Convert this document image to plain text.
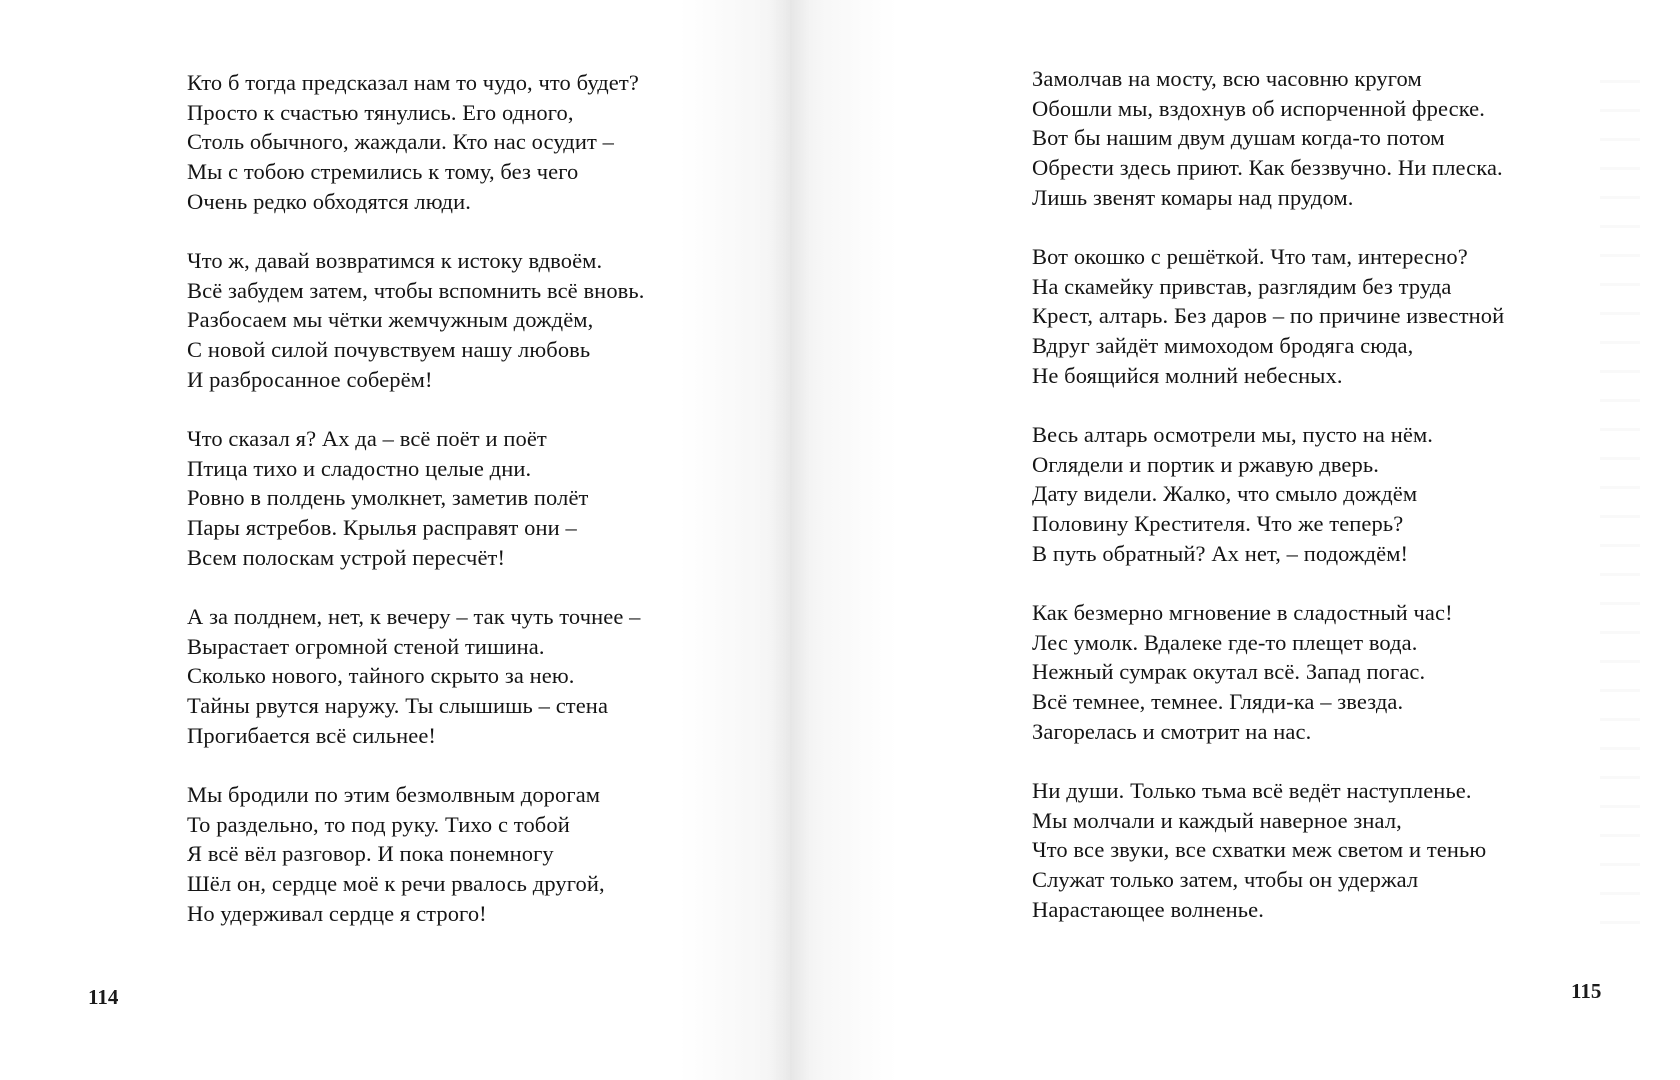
Кто б тогда предсказал нам то чудо, что будет?
Просто к счастью тянулись. Его одного,
Столь обычного, жаждали. Кто нас осудит –
Мы с тобою стремились к тому, без чего
Очень редко обходятся люди.
Что ж, давай возвратимся к истоку вдвоём.
Всё забудем затем, чтобы вспомнить всё вновь.
Разбосаем мы чётки жемчужным дождём,
С новой силой почувствуем нашу любовь
И разбросанное соберём!
Что сказал я? Ах да – всё поёт и поёт
Птица тихо и сладостно целые дни.
Ровно в полдень умолкнет, заметив полёт
Пары ястребов. Крылья расправят они –
Всем полоскам устрой пересчёт!
А за полднем, нет, к вечеру – так чуть точнее –
Вырастает огромной стеной тишина.
Сколько нового, тайного скрыто за нею.
Тайны рвутся наружу. Ты слышишь – стена
Прогибается всё сильнее!
Мы бродили по этим безмолвным дорогам
То раздельно, то под руку. Тихо с тобой
Я всё вёл разговор. И пока понемногу
Шёл он, сердце моё к речи рвалось другой,
Но удерживал сердце я строго!
114
Замолчав на мосту, всю часовню кругом
Обошли мы, вздохнув об испорченной фреске.
Вот бы нашим двум душам когда-то потом
Обрести здесь приют. Как беззвучно. Ни плеска.
Лишь звенят комары над прудом.
Вот окошко с решёткой. Что там, интересно?
На скамейку привстав, разглядим без труда
Крест, алтарь. Без даров – по причине известной
Вдруг зайдёт мимоходом бродяга сюда,
Не боящийся молний небесных.
Весь алтарь осмотрели мы, пусто на нём.
Оглядели и портик и ржавую дверь.
Дату видели. Жалко, что смыло дождём
Половину Крестителя. Что же теперь?
В путь обратный? Ах нет, – подождём!
Как безмерно мгновение в сладостный час!
Лес умолк. Вдалеке где-то плещет вода.
Нежный сумрак окутал всё. Запад погас.
Всё темнее, темнее. Гляди-ка – звезда.
Загорелась и смотрит на нас.
Ни души. Только тьма всё ведёт наступленье.
Мы молчали и каждый наверное знал,
Что все звуки, все схватки меж светом и тенью
Служат только затем, чтобы он удержал
Нарастающее волненье.
115
